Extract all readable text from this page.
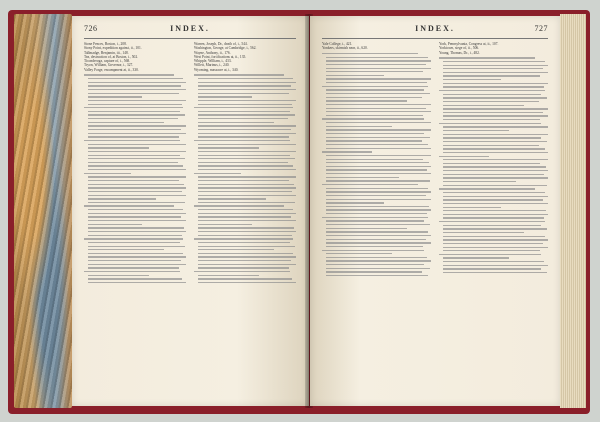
726	INDEX.

Stone Fences, Boston, i., 208.

Stony Point, expedition against, ii., 101.

Tallmadge, Benjamin, iii., 148.

Tea, destruction of, at Boston, i., 502.

Ticonderoga, capture of, i., 568.

Tryon, William, Governor, i., 327.

Valley Forge, encampment at, ii., 330.

Warren, Joseph, Dr., death of, i., 544.

Washington, George, at Cambridge, i., 562.

Wayne, Anthony, ii., 176.

West Point, fortifications at, ii., 135.

Whipple, William, i., 433.

Willett, Marinus, i., 240.

Wyoming, massacre at, i., 340.

INDEX.	727

Yale College, i., 421.

Yonkers, skirmish near, ii., 620.

York, Pennsylvania, Congress at, ii., 107.

Yorktown, siege of, ii., 506.

Young, Thomas, Dr., i., 482.
